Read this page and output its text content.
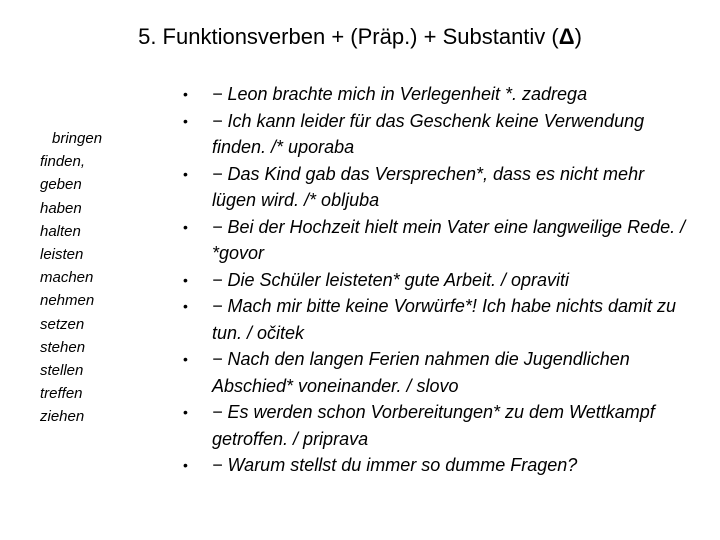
5. Funktionsverben + (Präp.) + Substantiv (Δ)
bringen
finden,
geben
haben
halten
leisten
machen
nehmen
setzen
stehen
stellen
treffen
ziehen
• − Leon brachte mich in Verlegenheit *. zadrega
• − Ich kann leider für das Geschenk keine Verwendung finden. /* uporaba
• − Das Kind gab das Versprechen*, dass es nicht mehr lügen wird. /* obljuba
• − Bei der Hochzeit hielt mein Vater eine langweilige Rede. / *govor
• − Die Schüler leisteten* gute Arbeit. / opraviti
• − Mach mir bitte keine Vorwürfe*! Ich habe nichts damit zu tun. / očitek
• − Nach den langen Ferien nahmen die Jugendlichen Abschied* voneinander. / slovo
• − Es werden schon Vorbereitungen* zu dem Wettkampf getroffen. / priprava
• − Warum stellst du immer so dumme Fragen?
